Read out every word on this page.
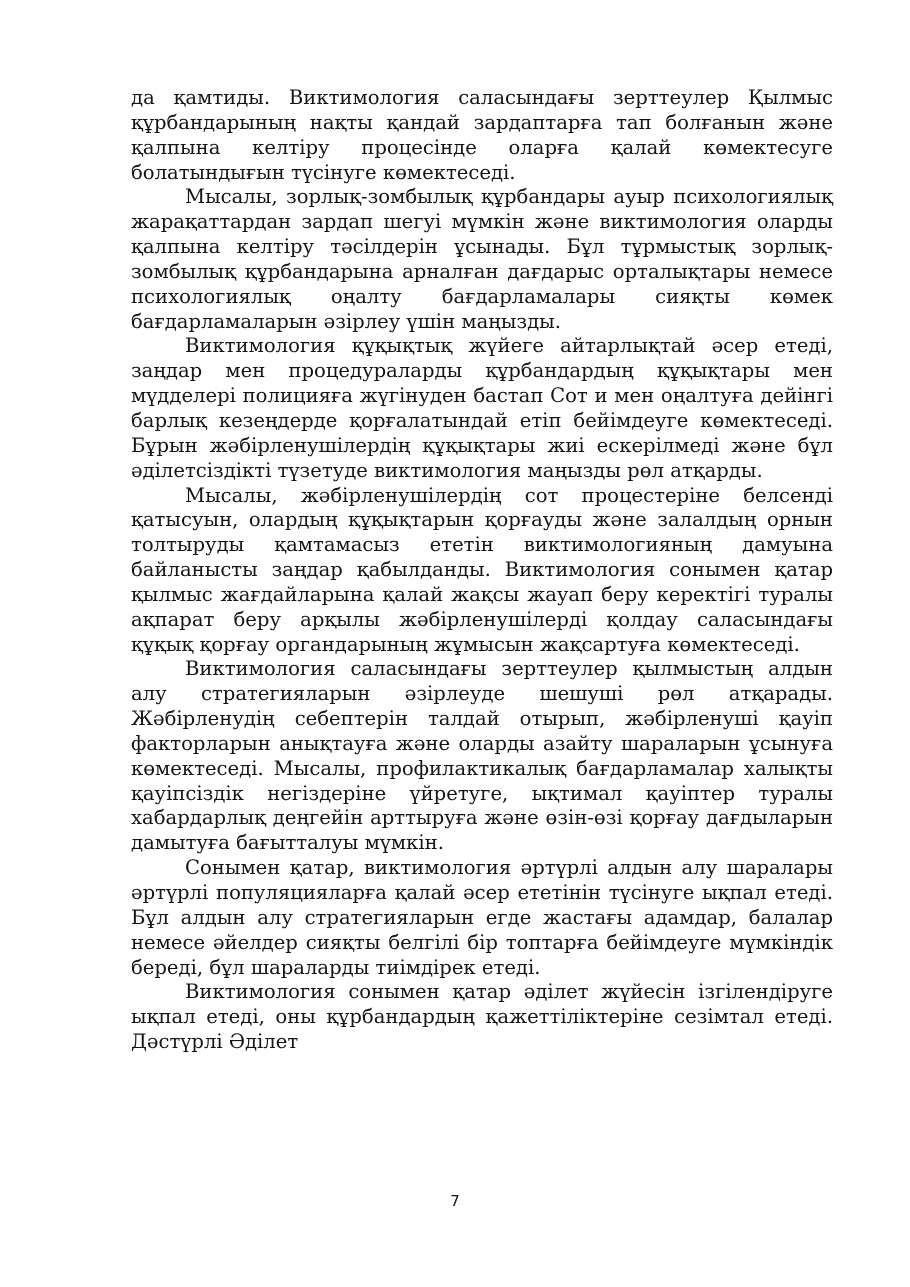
да қамтиды. Виктимология саласындағы зерттеулер Қылмыс құрбандарының нақты қандай зардаптарға тап болғанын және қалпына келтіру процесінде оларға қалай көмектесуге болатындығын түсінуге көмектеседі.

Мысалы, зорлық-зомбылық құрбандары ауыр психологиялық жарақаттардан зардап шегуі мүмкін және виктимология оларды қалпына келтіру тәсілдерін ұсынады. Бұл тұрмыстық зорлық-зомбылық құрбандарына арналған дағдарыс орталықтары немесе психологиялық оңалту бағдарламалары сияқты көмек бағдарламаларын әзірлеу үшін маңызды.

Виктимология құқықтық жүйеге айтарлықтай әсер етеді, заңдар мен процедураларды құрбандардың құқықтары мен мүдделері полицияға жүгінуден бастап Сот и мен оңалтуға дейінгі барлық кезеңдерде қорғалатындай етіп бейімдеуге көмектеседі. Бұрын жәбірленушілердің құқықтары жиі ескерілмеді және бұл әділетсіздікті түзетуде виктимология маңызды рөл атқарды.

Мысалы, жәбірленушілердің сот процестеріне белсенді қатысуын, олардың құқықтарын қорғауды және залалдың орнын толтыруды қамтамасыз ететін виктимологияның дамуына байланысты заңдар қабылданды. Виктимология сонымен қатар қылмыс жағдайларына қалай жақсы жауап беру керектігі туралы ақпарат беру арқылы жәбірленушілерді қолдау саласындағы құқық қорғау органдарының жұмысын жақсартуға көмектеседі.

Виктимология саласындағы зерттеулер қылмыстың алдын алу стратегияларын әзірлеуде шешуші рөл атқарады. Жәбірленудің себептерін талдай отырып, жәбірленуші қауіп факторларын анықтауға және оларды азайту шараларын ұсынуға көмектеседі. Мысалы, профилактикалық бағдарламалар халықты қауіпсіздік негіздеріне үйретуге, ықтимал қауіптер туралы хабардарлық деңгейін арттыруға және өзін-өзі қорғау дағдыларын дамытуға бағытталуы мүмкін.

Сонымен қатар, виктимология әртүрлі алдын алу шаралары әртүрлі популяцияларға қалай әсер ететінін түсінуге ықпал етеді. Бұл алдын алу стратегияларын егде жастағы адамдар, балалар немесе әйелдер сияқты белгілі бір топтарға бейімдеуге мүмкіндік береді, бұл шараларды тиімдірек етеді.

Виктимология сонымен қатар әділет жүйесін ізгілендіруге ықпал етеді, оны құрбандардың қажеттіліктеріне сезімтал етеді. Дәстүрлі Әділет

7
